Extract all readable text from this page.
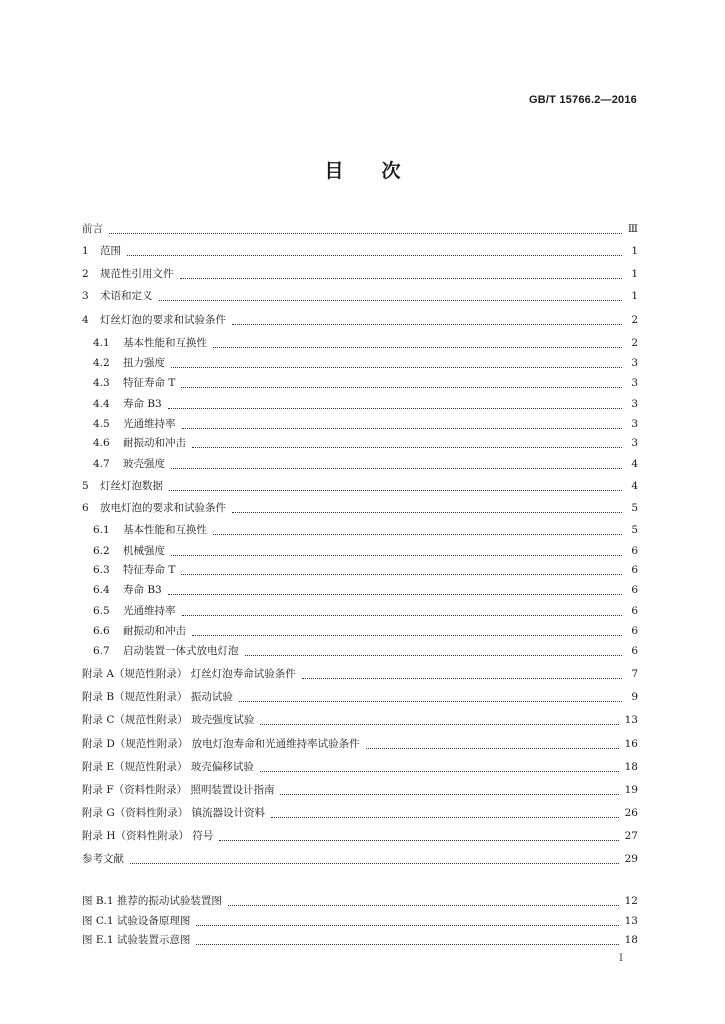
GB/T 15766.2—2016
目 次
前言	Ⅲ
1	范围	1
2	规范性引用文件	1
3	术语和定义	1
4	灯丝灯泡的要求和试验条件	2
4.1	基本性能和互换性	2
4.2	扭力强度	3
4.3	特征寿命 T	3
4.4	寿命 B3	3
4.5	光通维持率	3
4.6	耐振动和冲击	3
4.7	玻壳强度	4
5	灯丝灯泡数据	4
6	放电灯泡的要求和试验条件	5
6.1	基本性能和互换性	5
6.2	机械强度	6
6.3	特征寿命 T	6
6.4	寿命 B3	6
6.5	光通维持率	6
6.6	耐振动和冲击	6
6.7	启动装置一体式放电灯泡	6
附录 A（规范性附录） 灯丝灯泡寿命试验条件	7
附录 B（规范性附录） 振动试验	9
附录 C（规范性附录） 玻壳强度试验	13
附录 D（规范性附录） 放电灯泡寿命和光通维持率试验条件	16
附录 E（规范性附录） 玻壳偏移试验	18
附录 F（资料性附录） 照明装置设计指南	19
附录 G（资料性附录） 镇流器设计资料	26
附录 H（资料性附录） 符号	27
参考文献	29
图 B.1 推荐的振动试验装置图	12
图 C.1 试验设备原理图	13
图 E.1 试验装置示意图	18
I
